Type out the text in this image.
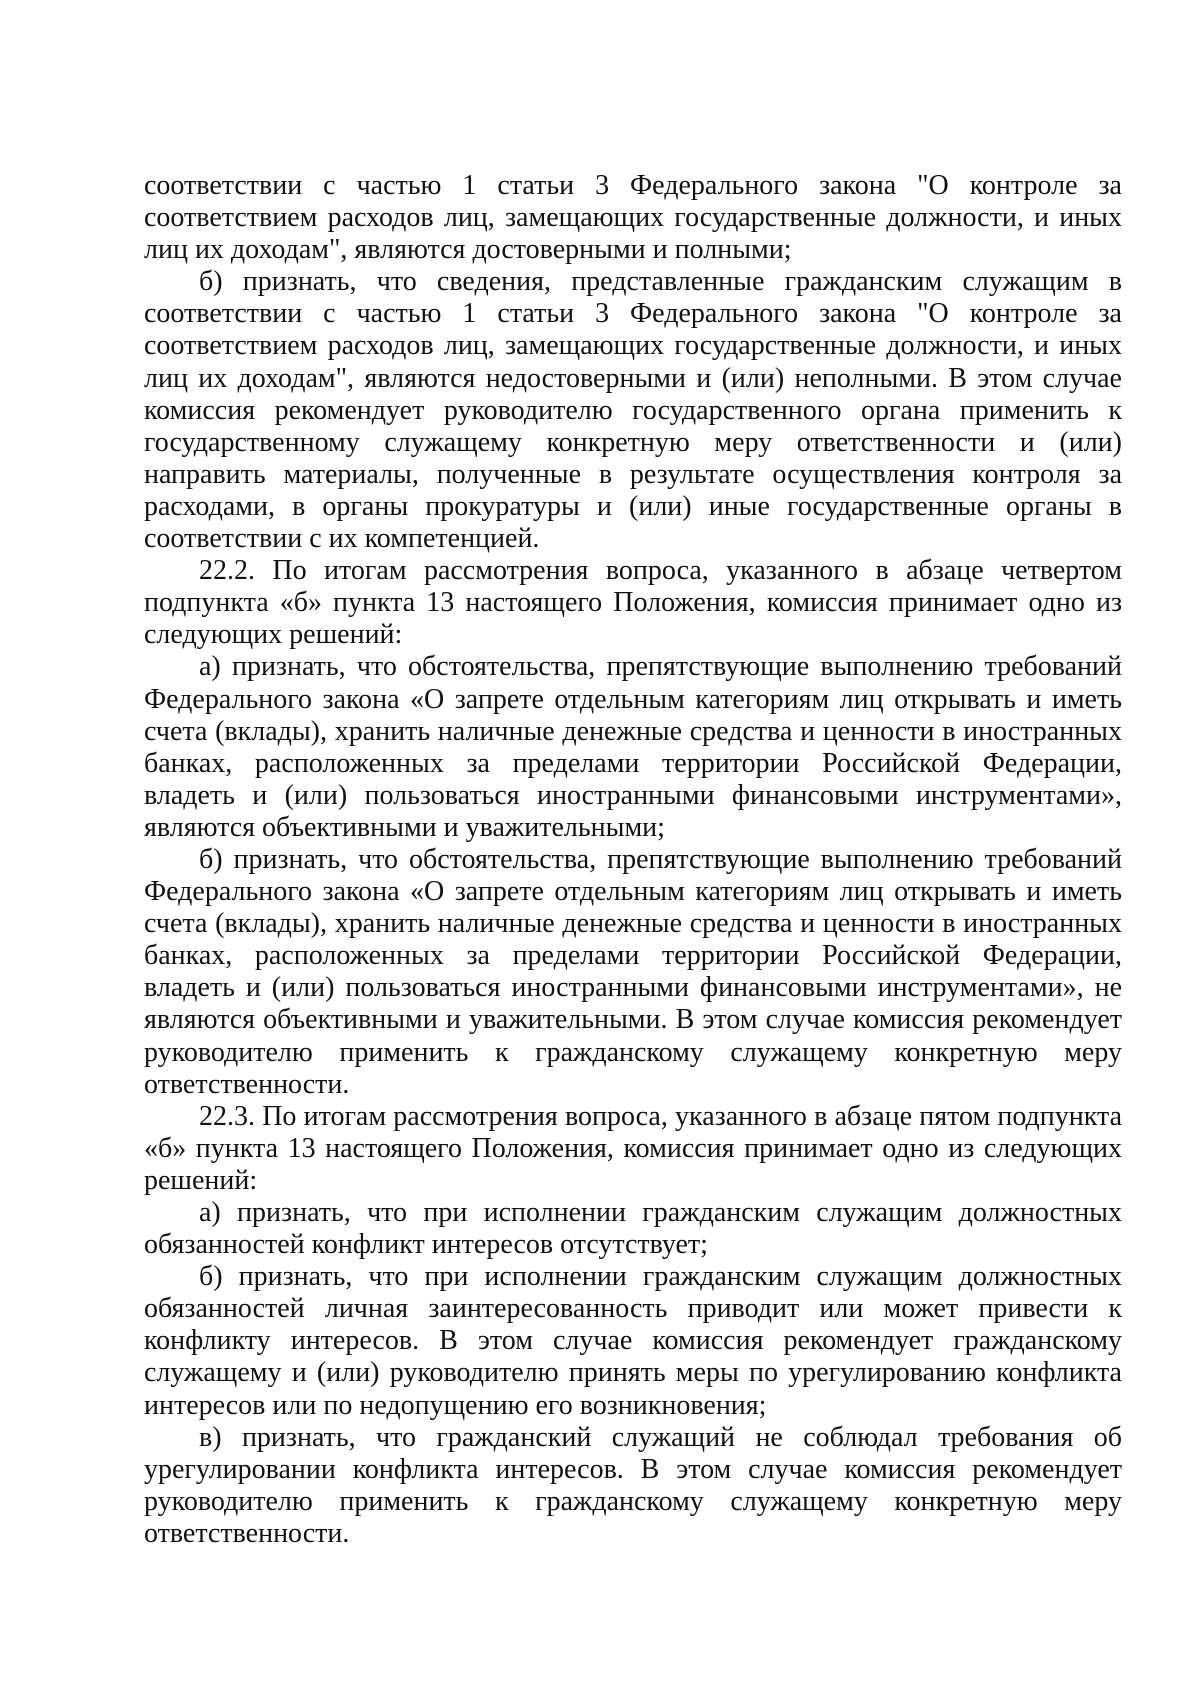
соответствии с частью 1 статьи 3 Федерального закона "О контроле за соответствием расходов лиц, замещающих государственные должности, и иных лиц их доходам", являются достоверными и полными;

б) признать, что сведения, представленные гражданским служащим в соответствии с частью 1 статьи 3 Федерального закона "О контроле за соответствием расходов лиц, замещающих государственные должности, и иных лиц их доходам", являются недостоверными и (или) неполными. В этом случае комиссия рекомендует руководителю государственного органа применить к государственному служащему конкретную меру ответственности и (или) направить материалы, полученные в результате осуществления контроля за расходами, в органы прокуратуры и (или) иные государственные органы в соответствии с их компетенцией.

22.2. По итогам рассмотрения вопроса, указанного в абзаце четвертом подпункта «б» пункта 13 настоящего Положения, комиссия принимает одно из следующих решений:

а) признать, что обстоятельства, препятствующие выполнению требований Федерального закона «О запрете отдельным категориям лиц открывать и иметь счета (вклады), хранить наличные денежные средства и ценности в иностранных банках, расположенных за пределами территории Российской Федерации, владеть и (или) пользоваться иностранными финансовыми инструментами», являются объективными и уважительными;

б) признать, что обстоятельства, препятствующие выполнению требований Федерального закона «О запрете отдельным категориям лиц открывать и иметь счета (вклады), хранить наличные денежные средства и ценности в иностранных банках, расположенных за пределами территории Российской Федерации, владеть и (или) пользоваться иностранными финансовыми инструментами», не являются объективными и уважительными. В этом случае комиссия рекомендует руководителю применить к гражданскому служащему конкретную меру ответственности.

22.3. По итогам рассмотрения вопроса, указанного в абзаце пятом подпункта «б» пункта 13 настоящего Положения, комиссия принимает одно из следующих решений:

а) признать, что при исполнении гражданским служащим должностных обязанностей конфликт интересов отсутствует;

б) признать, что при исполнении гражданским служащим должностных обязанностей личная заинтересованность приводит или может привести к конфликту интересов. В этом случае комиссия рекомендует гражданскому служащему и (или) руководителю принять меры по урегулированию конфликта интересов или по недопущению его возникновения;

в) признать, что гражданский служащий не соблюдал требования об урегулировании конфликта интересов. В этом случае комиссия рекомендует руководителю применить к гражданскому служащему конкретную меру ответственности.
